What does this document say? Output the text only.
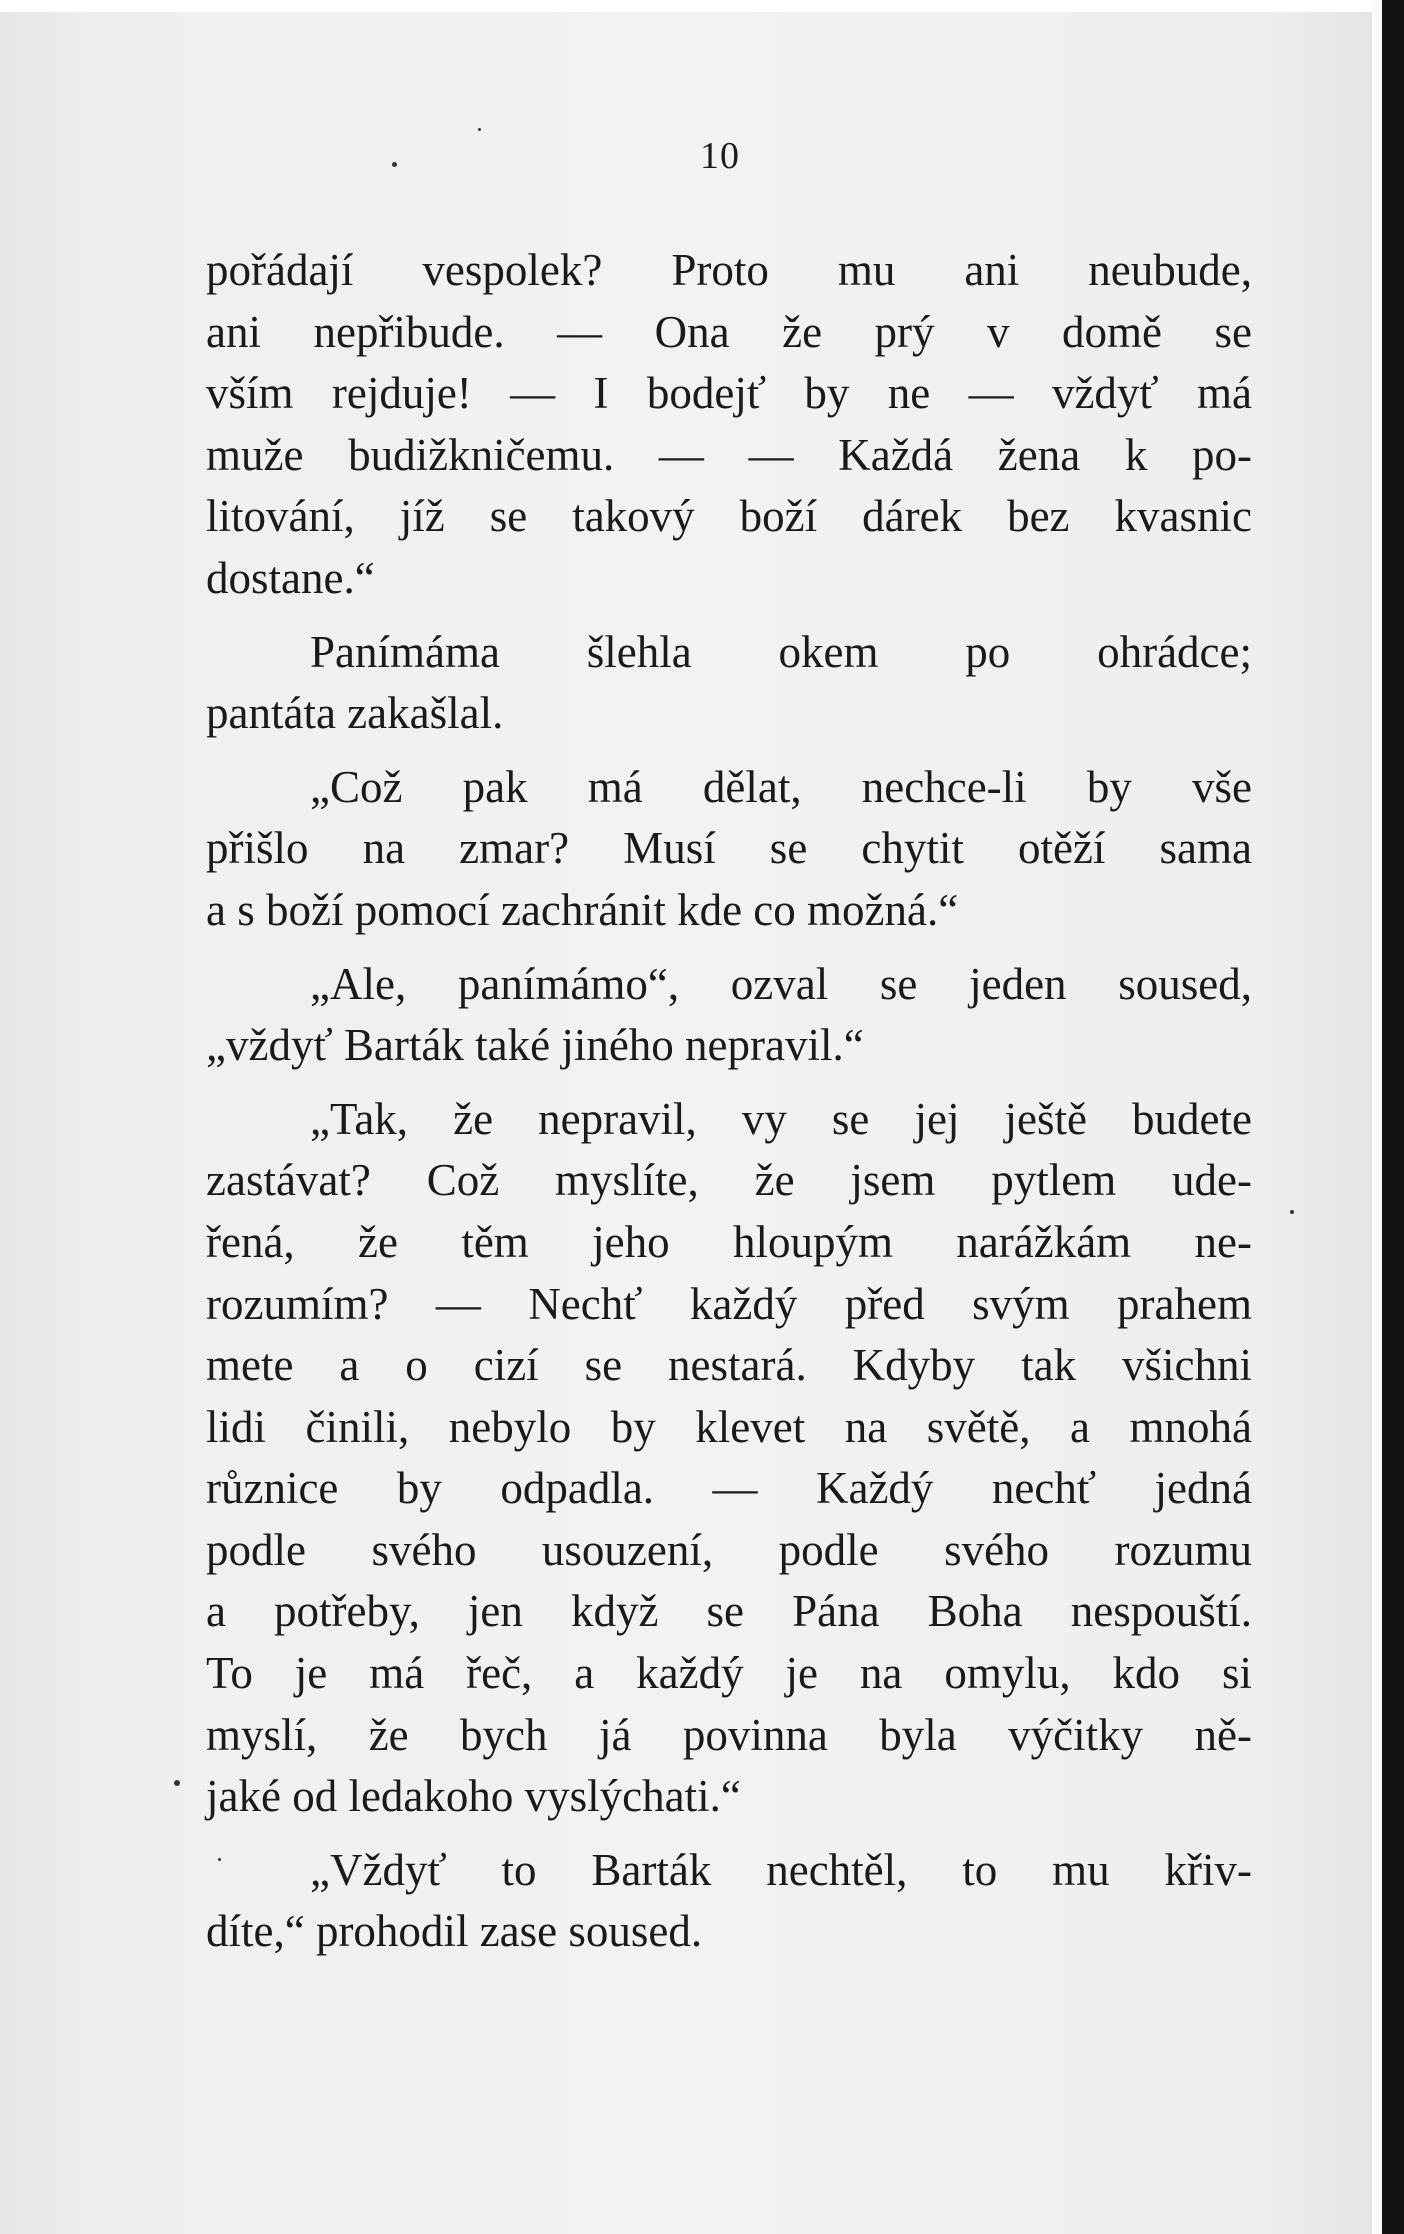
10
pořádají vespolek? Proto mu ani neubude,
ani nepřibude. — Ona že prý v domě se
vším rejduje! — I bodejť by ne — vždyť má
muže budižkničemu. — — Každá žena k po-
litování, jíž se takový boží dárek bez kvasnic
dostane.“
Panímáma šlehla okem po ohrádce;
pantáta zakašlal.
„Což pak má dělat, nechce-li by vše
přišlo na zmar? Musí se chytit otěží sama
a s boží pomocí zachránit kde co možná.“
„Ale, panímámo“, ozval se jeden soused,
„vždyť Barták také jiného nepravil.“
„Tak, že nepravil, vy se jej ještě budete
zastávat? Což myslíte, že jsem pytlem ude-
řená, že těm jeho hloupým narážkám ne-
rozumím? — Nechť každý před svým prahem
mete a o cizí se nestará. Kdyby tak všichni
lidi činili, nebylo by klevet na světě, a mnohá
různice by odpadla. — Každý nechť jedná
podle svého usouzení, podle svého rozumu
a potřeby, jen když se Pána Boha nespouští.
To je má řeč, a každý je na omylu, kdo si
myslí, že bych já povinna byla výčitky ně-
jaké od ledakoho vyslýchati.“
„Vždyť to Barták nechtěl, to mu křiv-
díte,“ prohodil zase soused.
